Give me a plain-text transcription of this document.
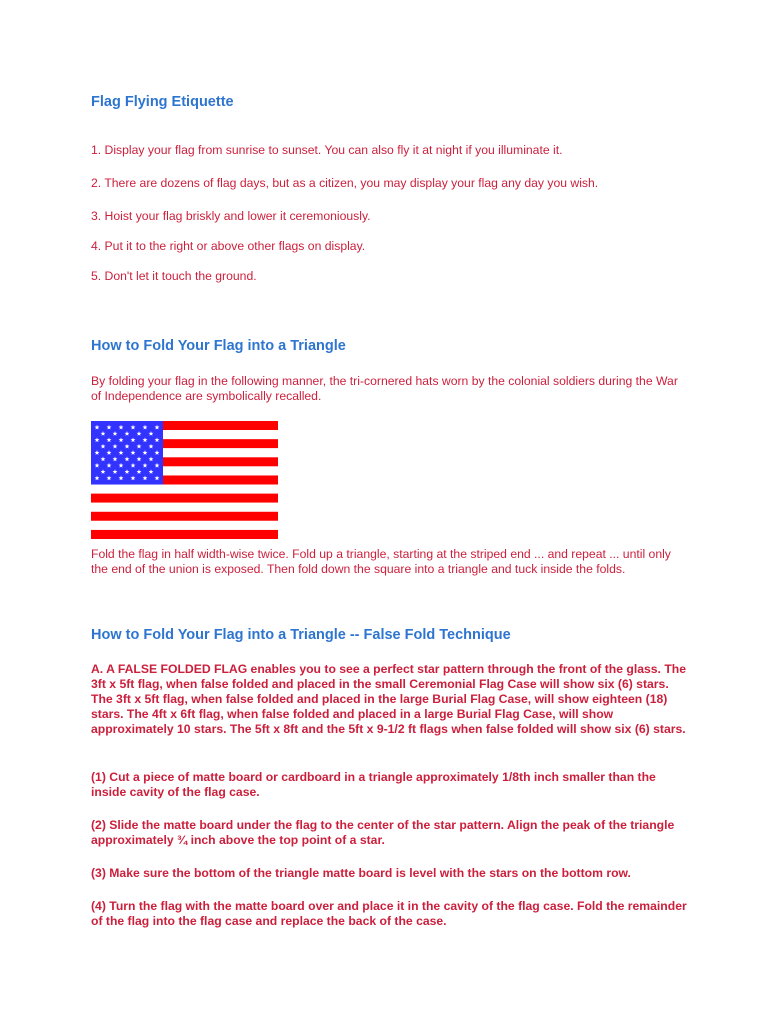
Flag Flying Etiquette

1. Display your flag from sunrise to sunset. You can also fly it at night if you illuminate it.

2. There are dozens of flag days, but as a citizen, you may display your flag any day you wish.

3. Hoist your flag briskly and lower it ceremoniously.

4. Put it to the right or above other flags on display.

5. Don't let it touch the ground.

How to Fold Your Flag into a Triangle

By folding your flag in the following manner, the tri-cornered hats worn by the colonial soldiers during the War of Independence are symbolically recalled.

Fold the flag in half width-wise twice. Fold up a triangle, starting at the striped end ... and repeat ... until only the end of the union is exposed. Then fold down the square into a triangle and tuck inside the folds.

How to Fold Your Flag into a Triangle -- False Fold Technique

A. A FALSE FOLDED FLAG enables you to see a perfect star pattern through the front of the glass. The 3ft x 5ft flag, when false folded and placed in the small Ceremonial Flag Case will show six (6) stars. The 3ft x 5ft flag, when false folded and placed in the large Burial Flag Case, will show eighteen (18) stars. The 4ft x 6ft flag, when false folded and placed in a large Burial Flag Case, will show approximately 10 stars. The 5ft x 8ft and the 5ft x 9-1/2 ft flags when false folded will show six (6) stars.

(1) Cut a piece of matte board or cardboard in a triangle approximately 1/8th inch smaller than the inside cavity of the flag case.

(2) Slide the matte board under the flag to the center of the star pattern. Align the peak of the triangle approximately ¾ inch above the top point of a star.

(3) Make sure the bottom of the triangle matte board is level with the stars on the bottom row.

(4) Turn the flag with the matte board over and place it in the cavity of the flag case. Fold the remainder of the flag into the flag case and replace the back of the case.
